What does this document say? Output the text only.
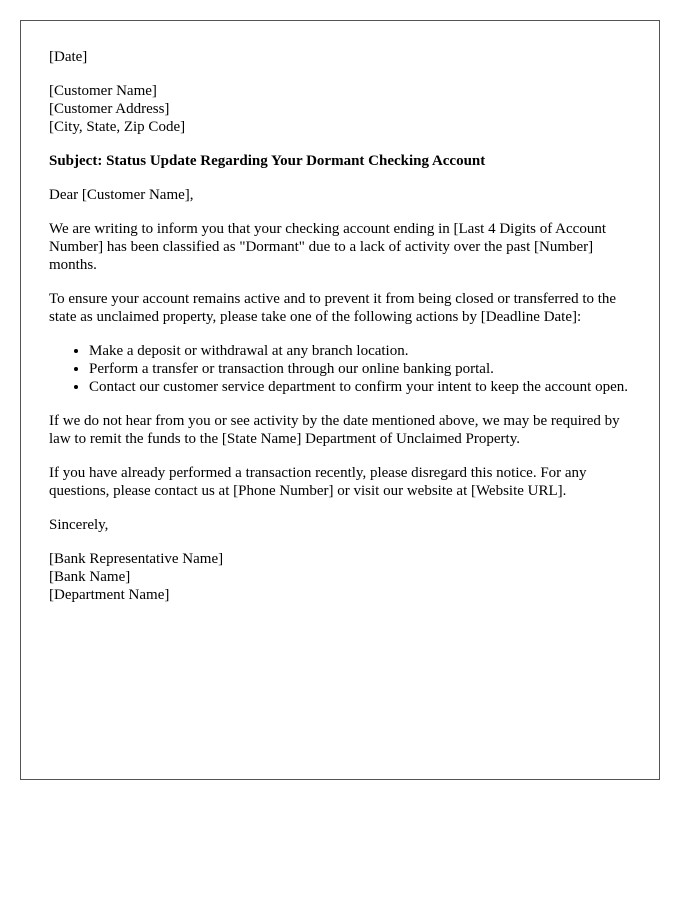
[Date]
[Customer Name]
[Customer Address]
[City, State, Zip Code]
Subject: Status Update Regarding Your Dormant Checking Account

Dear [Customer Name],

We are writing to inform you that your checking account ending in [Last 4 Digits of Account Number] has been classified as "Dormant" due to a lack of activity over the past [Number] months.

To ensure your account remains active and to prevent it from being closed or transferred to the state as unclaimed property, please take one of the following actions by [Deadline Date]:

• Make a deposit or withdrawal at any branch location.
• Perform a transfer or transaction through our online banking portal.
• Contact our customer service department to confirm your intent to keep the account open.

If we do not hear from you or see activity by the date mentioned above, we may be required by law to remit the funds to the [State Name] Department of Unclaimed Property.

If you have already performed a transaction recently, please disregard this notice. For any questions, please contact us at [Phone Number] or visit our website at [Website URL].

Sincerely,

[Bank Representative Name]
[Bank Name]
[Department Name]
